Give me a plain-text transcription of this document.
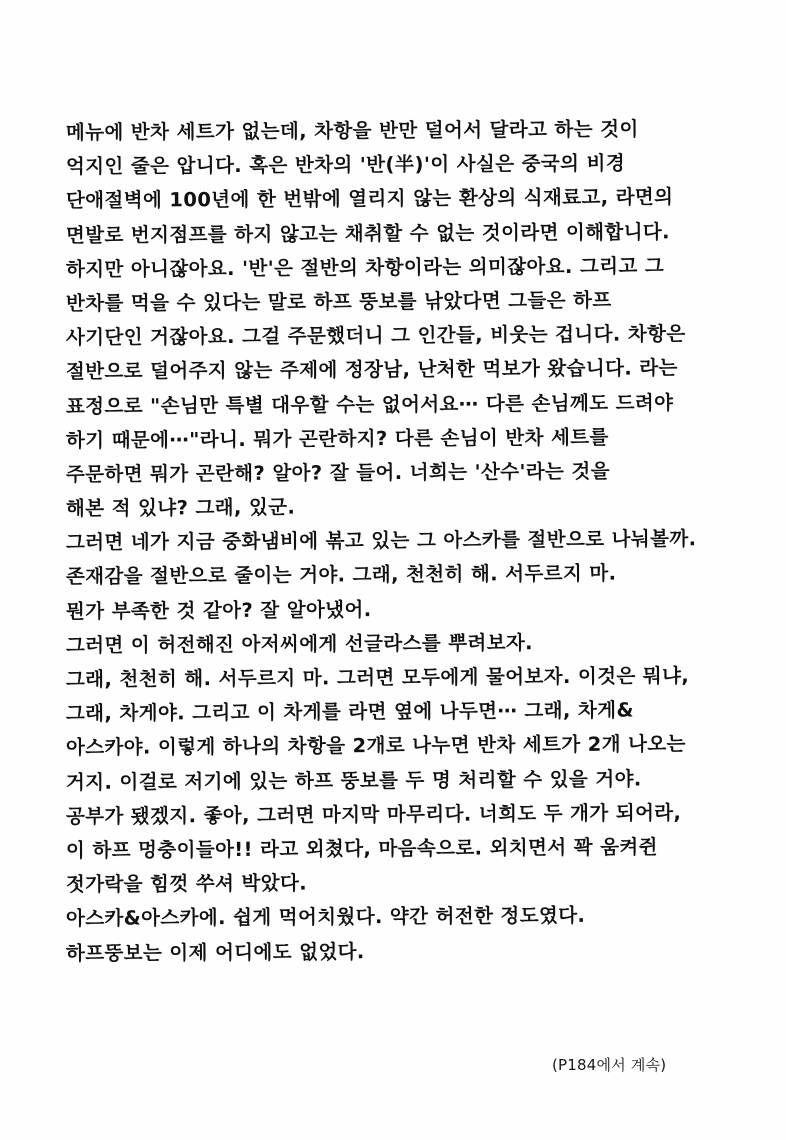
메뉴에 반차 세트가 없는데, 차항을 반만 덜어서 달라고 하는 것이
억지인 줄은 압니다. 혹은 반차의 '반(半)'이 사실은 중국의 비경
단애절벽에 100년에 한 번밖에 열리지 않는 환상의 식재료고, 라면의
면발로 번지점프를 하지 않고는 채취할 수 없는 것이라면 이해합니다.
하지만 아니잖아요. '반'은 절반의 차항이라는 의미잖아요. 그리고 그
반차를 먹을 수 있다는 말로 하프 뚱보를 낚았다면 그들은 하프
사기단인 거잖아요. 그걸 주문했더니 그 인간들, 비웃는 겁니다. 차항은
절반으로 덜어주지 않는 주제에 정장남, 난처한 먹보가 왔습니다. 라는
표정으로 "손님만 특별 대우할 수는 없어서요⋯ 다른 손님께도 드려야
하기 때문에⋯"라니. 뭐가 곤란하지? 다른 손님이 반차 세트를
주문하면 뭐가 곤란해? 알아? 잘 들어. 너희는 '산수'라는 것을
해본 적 있냐? 그래, 있군.
그러면 네가 지금 중화냄비에 볶고 있는 그 아스카를 절반으로 나눠볼까.
존재감을 절반으로 줄이는 거야. 그래, 천천히 해. 서두르지 마.
뭔가 부족한 것 같아? 잘 알아냈어.
그러면 이 허전해진 아저씨에게 선글라스를 뿌려보자.
그래, 천천히 해. 서두르지 마. 그러면 모두에게 물어보자. 이것은 뭐냐,
그래, 차게야. 그리고 이 차게를 라면 옆에 나두면⋯ 그래, 차게&
아스카야. 이렇게 하나의 차항을 2개로 나누면 반차 세트가 2개 나오는
거지. 이걸로 저기에 있는 하프 뚱보를 두 명 처리할 수 있을 거야.
공부가 됐겠지. 좋아, 그러면 마지막 마무리다. 너희도 두 개가 되어라,
이 하프 멍충이들아!! 라고 외쳤다, 마음속으로. 외치면서 꽉 움켜쥔
젓가락을 힘껏 쑤셔 박았다.
아스카&아스카에. 쉽게 먹어치웠다. 약간 허전한 정도였다.
하프뚱보는 이제 어디에도 없었다.
(P184에서 계속)
